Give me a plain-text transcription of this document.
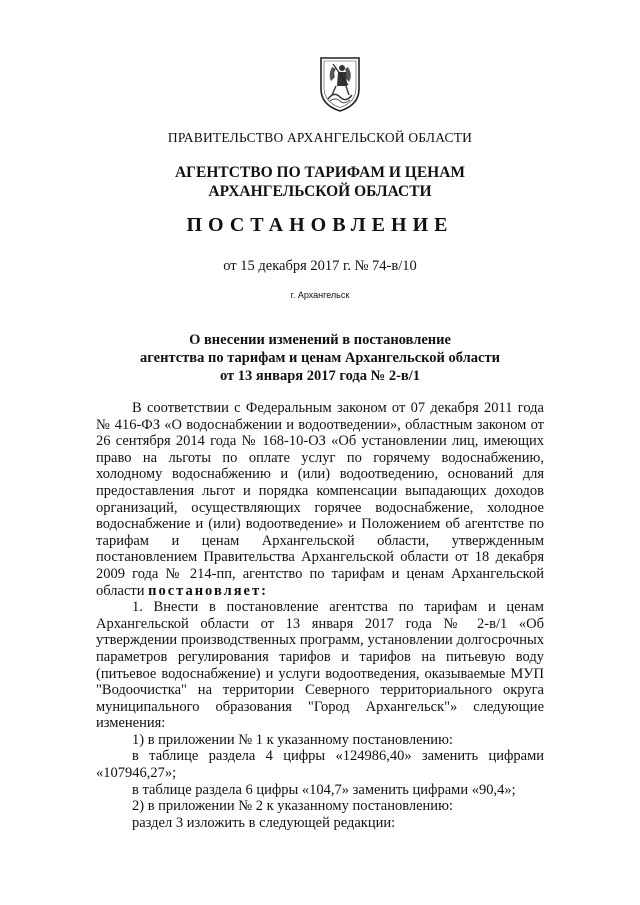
ПРАВИТЕЛЬСТВО АРХАНГЕЛЬСКОЙ ОБЛАСТИ
АГЕНТСТВО ПО ТАРИФАМ И ЦЕНАМ
АРХАНГЕЛЬСКОЙ ОБЛАСТИ
ПОСТАНОВЛЕНИЕ
от 15 декабря 2017 г. № 74-в/10
г. Архангельск
О внесении изменений в постановление
агентства по тарифам и ценам Архангельской области
от 13 января 2017 года № 2-в/1

В соответствии с Федеральным законом от 07 декабря 2011 года № 416-ФЗ «О водоснабжении и водоотведении», областным законом от 26 сентября 2014 года № 168-10-ОЗ «Об установлении лиц, имеющих право на льготы по оплате услуг по горячему водоснабжению, холодному водоснабжению и (или) водоотведению, оснований для предоставления льгот и порядка компенсации выпадающих доходов организаций, осуществляющих горячее водоснабжение, холодное водоснабжение и (или) водоотведение» и Положением об агентстве по тарифам и ценам Архангельской области, утвержденным постановлением Правительства Архангельской области от 18 декабря 2009 года № 214-пп, агентство по тарифам и ценам Архангельской области постановляет:

1. Внести в постановление агентства по тарифам и ценам Архангельской области от 13 января 2017 года № 2-в/1 «Об утверждении производственных программ, установлении долгосрочных параметров регулирования тарифов и тарифов на питьевую воду (питьевое водоснабжение) и услуги водоотведения, оказываемые МУП "Водоочистка" на территории Северного территориального округа муниципального образования "Город Архангельск"» следующие изменения:

1) в приложении № 1 к указанному постановлению:

в таблице раздела 4 цифры «124986,40» заменить цифрами «107946,27»;

в таблице раздела 6 цифры «104,7» заменить цифрами «90,4»;

2) в приложении № 2 к указанному постановлению:

раздел 3 изложить в следующей редакции:
